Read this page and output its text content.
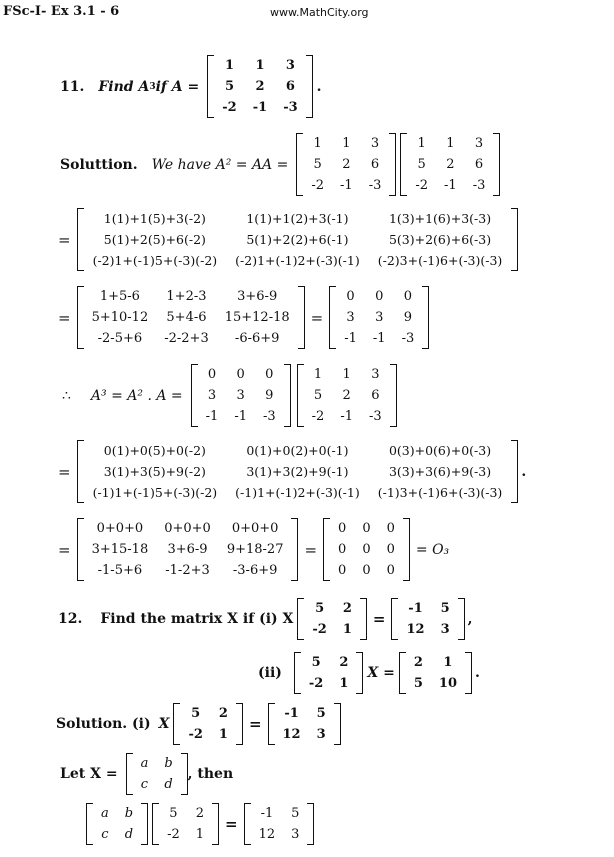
FSc-I- Ex 3.1 - 6	www.MathCity.org
11. Find A 3 if A =
1	1	3
5	2	6
-2	-1	-3
.
Soluttion. We have A² = AA =
1	1	3
5	2	6
-2	-1	-3
1	1	3
5	2	6
-2	-1	-3
=
1(1)+1(5)+3(-2)	1(1)+1(2)+3(-1)	1(3)+1(6)+3(-3)
5(1)+2(5)+6(-2)	5(1)+2(2)+6(-1)	5(3)+2(6)+6(-3)
(-2)1+(-1)5+(-3)(-2)	(-2)1+(-1)2+(-3)(-1)	(-2)3+(-1)6+(-3)(-3)
=
1+5-6	1+2-3	3+6-9
5+10-12	5+4-6	15+12-18
-2-5+6	-2-2+3	-6-6+9
=
0	0	0
3	3	9
-1	-1	-3
∴ A³ = A² . A =
0	0	0
3	3	9
-1	-1	-3
1	1	3
5	2	6
-2	-1	-3
=
0(1)+0(5)+0(-2)	0(1)+0(2)+0(-1)	0(3)+0(6)+0(-3)
3(1)+3(5)+9(-2)	3(1)+3(2)+9(-1)	3(3)+3(6)+9(-3)
(-1)1+(-1)5+(-3)(-2)	(-1)1+(-1)2+(-3)(-1)	(-1)3+(-1)6+(-3)(-3)
.
=
0+0+0	0+0+0	0+0+0
3+15-18	3+6-9	9+18-27
-1-5+6	-1-2+3	-3-6+9
=
0	0	0
0	0	0
0	0	0
= O₃
12. Find the matrix X if (i) X
5	2
-2	1
=
-1	5
12	3
,
(ii)
5	2
-2	1
X =
2	1
5	10
.
Solution. (i) X
5	2
-2	1
=
-1	5
12	3
Let X =
a	b
c	d
, then
a	b
c	d
5	2
-2	1
=
-1	5
12	3
